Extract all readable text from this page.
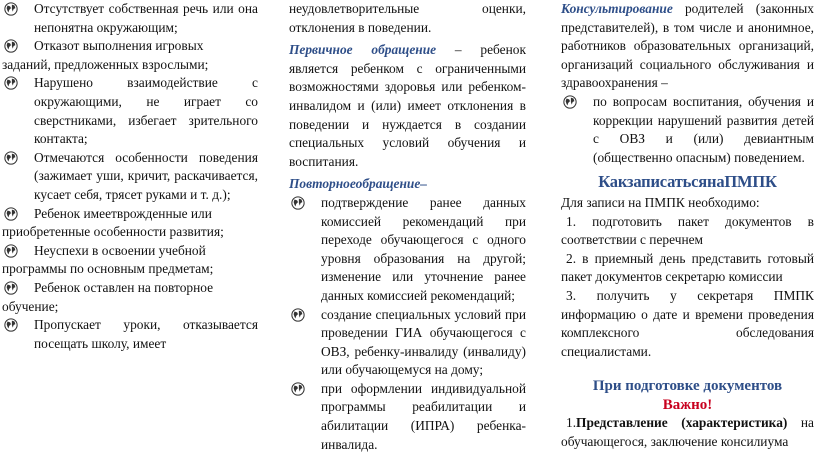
Отсутствует собственная речь или она непонятна окружающим;

Отказот выполнения игровых

заданий, предложенных взрослыми;

Нарушено взаимодействие с окружающими, не играет со сверстниками, избегает зрительного контакта;

Отмечаются особенности поведения (зажимает уши, кричит, раскачивается, кусает себя, трясет руками и т. д.);

Ребенок имеетврожденные или

приобретенные особенности развития;

Неуспехи в освоении учебной

программы по основным предметам;

Ребенок оставлен на повторное

обучение;

Пропускает уроки, отказывается посещать школу, имеет

неудовлетворительные оценки, отклонения в поведении.

Первичное обращение – ребенок является ребенком с ограниченными возможностями здоровья или ребенком-инвалидом и (или) имеет отклонения в поведении и нуждается в создании специальных условий обучения и воспитания.

Повторноеобращение–

подтверждение ранее данных комиссией рекомендаций при переходе обучающегося с одного уровня образования на другой; изменение или уточнение ранее данных комиссией рекомендаций;

создание специальных условий при проведении ГИА обучающегося с ОВЗ, ребенку-инвалиду (инвалиду) или обучающемуся на дому;

при оформлении индивидуальной программы реабилитации и абилитации (ИПРА) ребенка-инвалида.

Консультирование родителей (законных представителей), в том числе и анонимное, работников образовательных организаций, организаций социального обслуживания и здравоохранения –

по вопросам воспитания, обучения и коррекции нарушений развития детей с ОВЗ и (или) девиантным (общественно опасным) поведением.

КакзаписатьсянаПМПК

Для записи на ПМПК необходимо:

1. подготовить пакет документов в соответствии с перечнем

2. в приемный день представить готовый пакет документов секретарю комиссии

3. получить у секретаря ПМПК информацию о дате и времени проведения комплексного обследования специалистами.

При подготовке документов
Важно!

1.Представление (характеристика) на обучающегося, заключение консилиума
